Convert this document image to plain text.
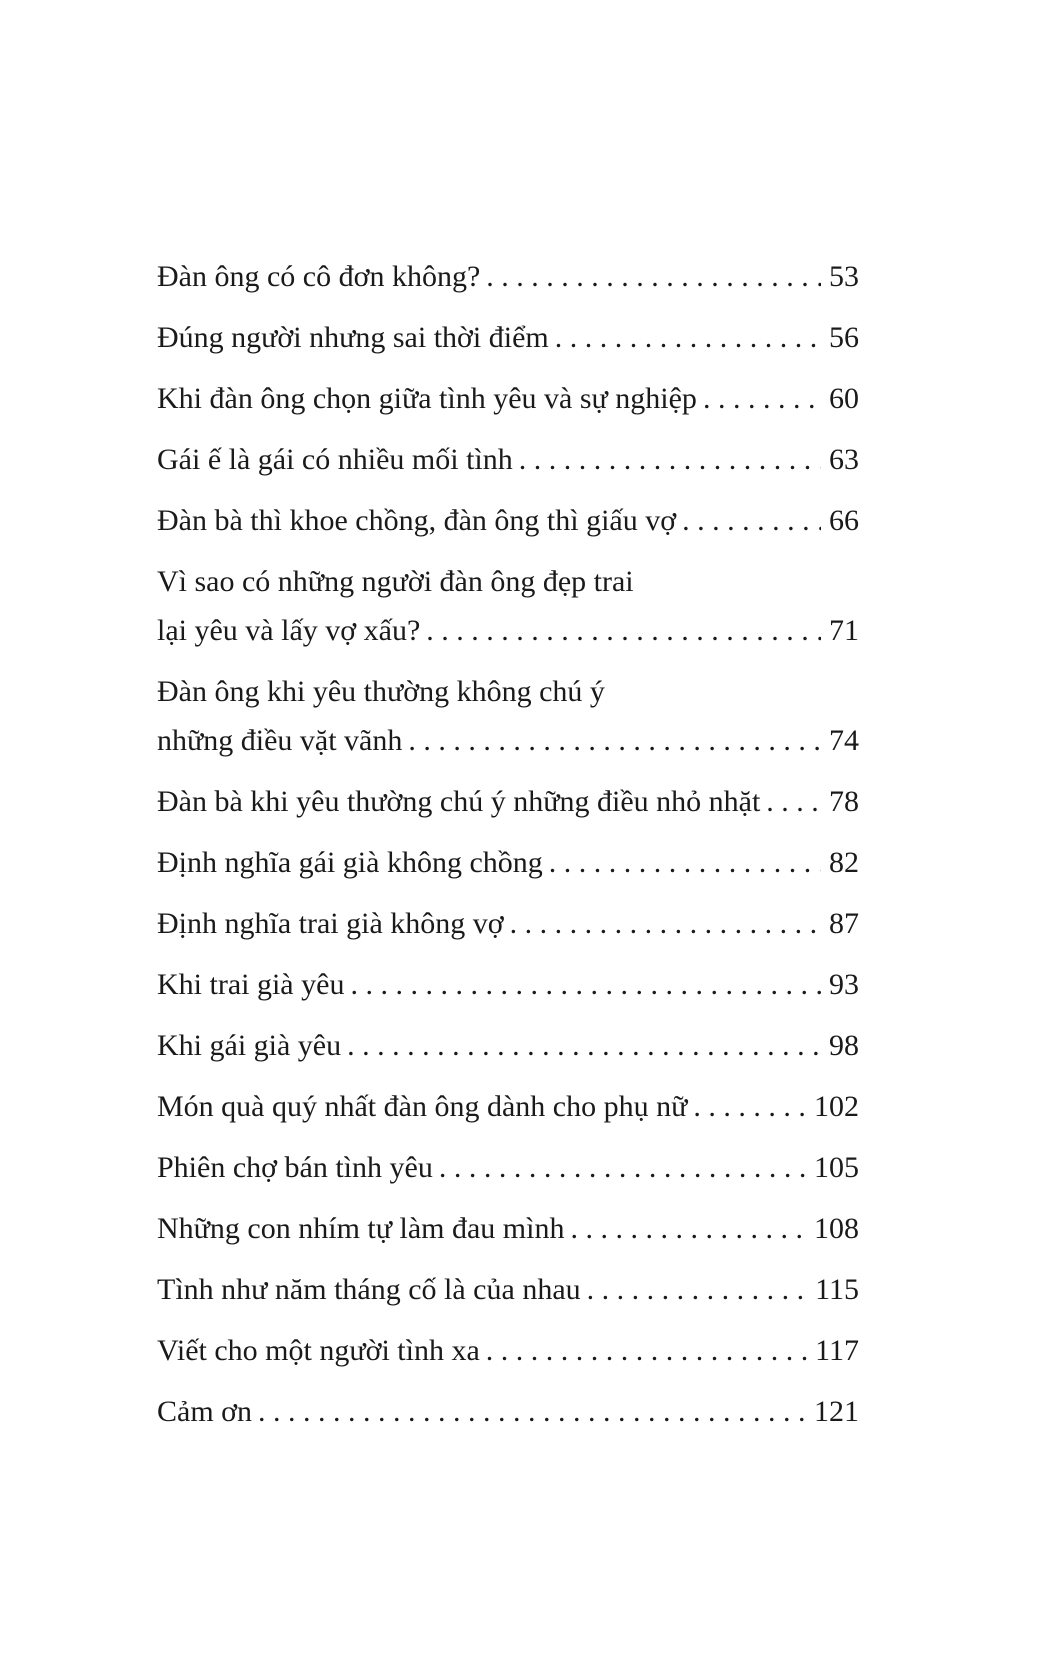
Đàn ông có cô đơn không? . . .	53
Đúng người nhưng sai thời điểm . . .	56
Khi đàn ông chọn giữa tình yêu và sự nghiệp . . .	60
Gái ế là gái có nhiều mối tình . . .	63
Đàn bà thì khoe chồng, đàn ông thì giấu vợ . . .	66
Vì sao có những người đàn ông đẹp trai
lại yêu và lấy vợ xấu? . . .	71
Đàn ông khi yêu thường không chú ý
những điều vặt vãnh . . .	74
Đàn bà khi yêu thường chú ý những điều nhỏ nhặt . . . 78
Định nghĩa gái già không chồng . . .	82
Định nghĩa trai già không vợ . . .	87
Khi trai già yêu . . .	93
Khi gái già yêu . . .	98
Món quà quý nhất đàn ông dành cho phụ nữ . . .	102
Phiên chợ bán tình yêu . . .	105
Những con nhím tự làm đau mình . . .	108
Tình như năm tháng cố là của nhau . . .	115
Viết cho một người tình xa . . .	117
Cảm ơn . . .	121
